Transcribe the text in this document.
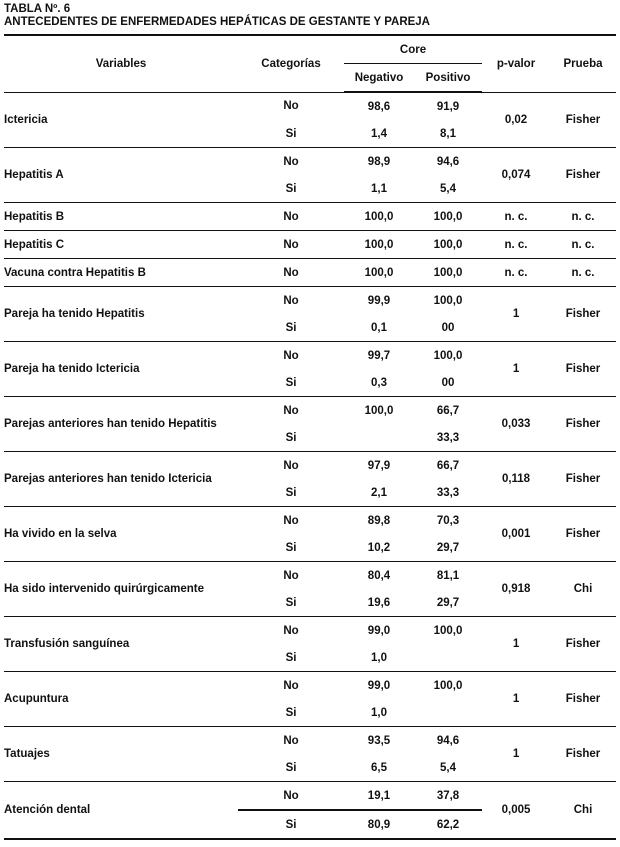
TABLA Nº. 6
ANTECEDENTES DE ENFERMEDADES HEPÁTICAS DE GESTANTE Y PAREJA
Variables	Categorías	Core		p-valor	Prueba
		Negativo	Positivo		
Ictericia	No	98,6	91,9	0,02	Fisher
	Si	1,4	8,1		
Hepatitis A	No	98,9	94,6	0,074	Fisher
	Si	1,1	5,4		
Hepatitis B	No	100,0	100,0	n. c.	n. c.
Hepatitis C	No	100,0	100,0	n. c.	n. c.
Vacuna contra Hepatitis B	No	100,0	100,0	n. c.	n. c.
Pareja ha tenido Hepatitis	No	99,9	100,0	1	Fisher
	Si	0,1	00		
Pareja ha tenido Ictericia	No	99,7	100,0	1	Fisher
	Si	0,3	00		
Parejas anteriores han tenido Hepatitis	No	100,0	66,7	0,033	Fisher
	Si		33,3		
Parejas anteriores han tenido Ictericia	No	97,9	66,7	0,118	Fisher
	Si	2,1	33,3		
Ha vivido en la selva	No	89,8	70,3	0,001	Fisher
	Si	10,2	29,7		
Ha sido intervenido quirúrgicamente	No	80,4	81,1	0,918	Chi
	Si	19,6	29,7		
Transfusión sanguínea	No	99,0	100,0	1	Fisher
	Si	1,0			
Acupuntura	No	99,0	100,0	1	Fisher
	Si	1,0			
Tatuajes	No	93,5	94,6	1	Fisher
	Si	6,5	5,4		
Atención dental	No	19,1	37,8	0,005	Chi
	Si	80,9	62,2		
